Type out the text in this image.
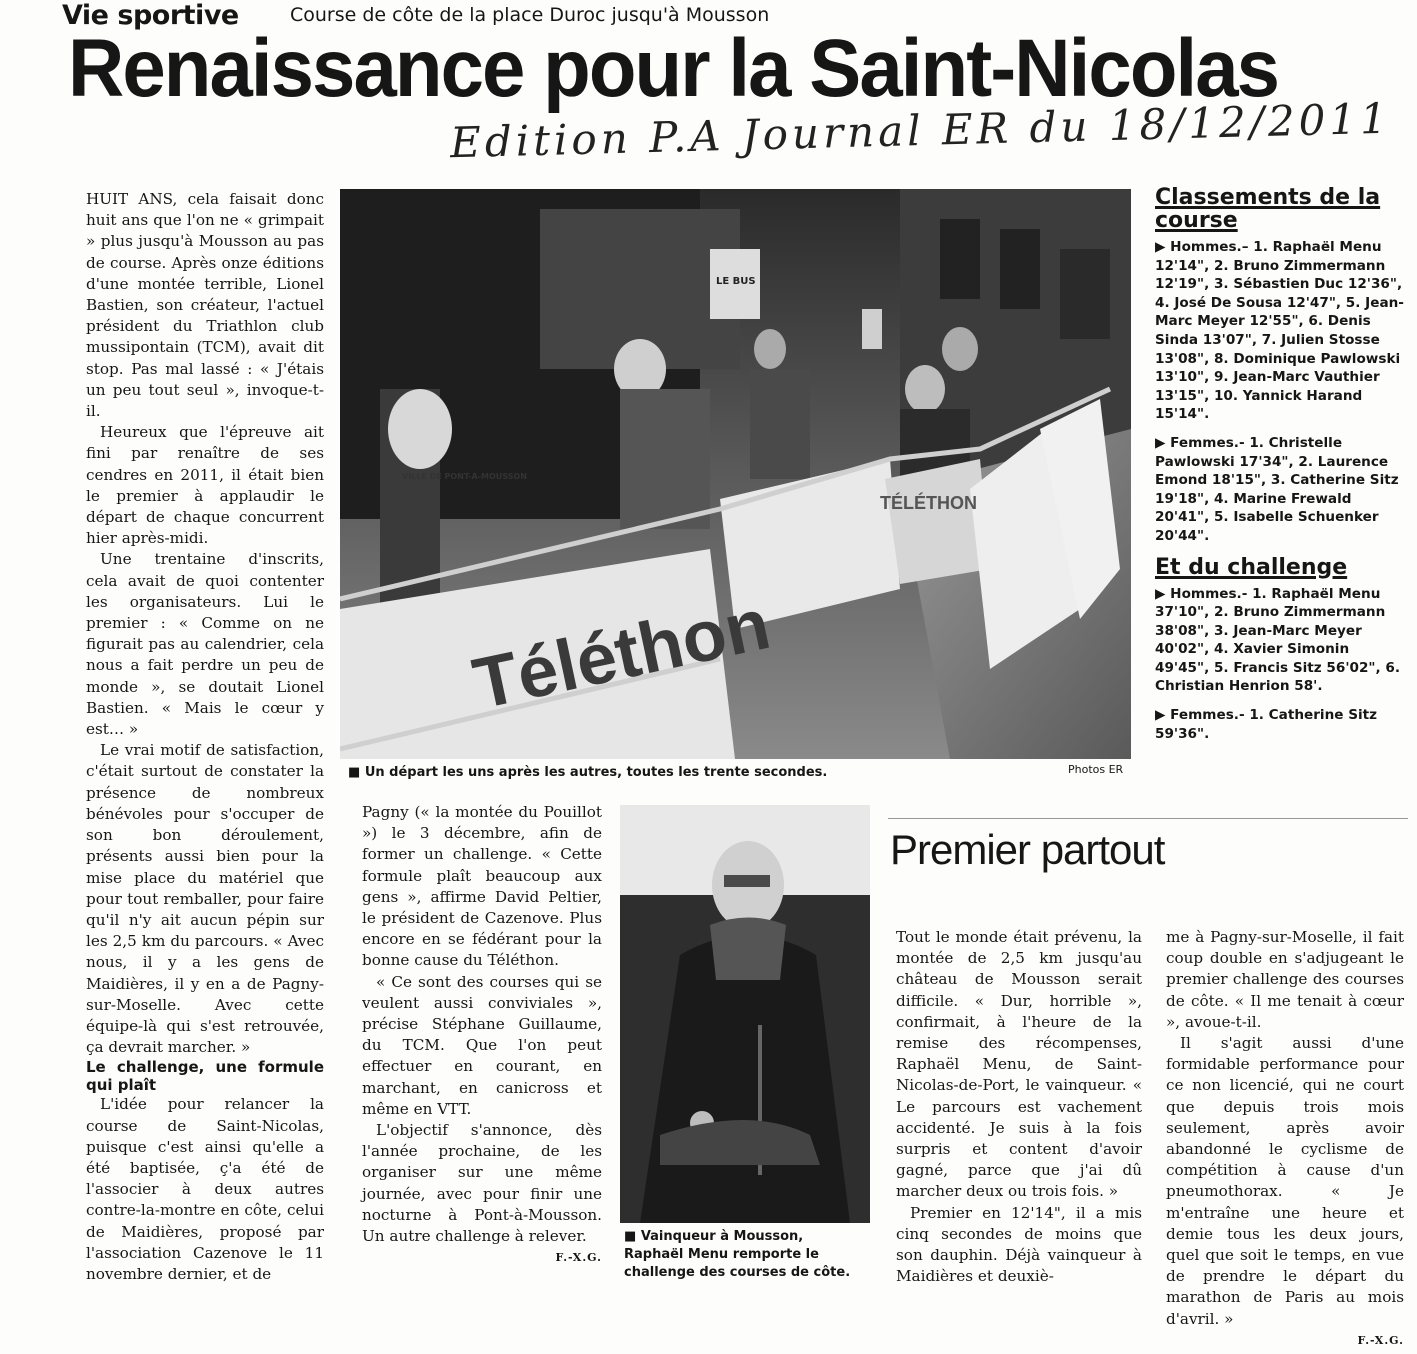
Vie sportive	Course de côte de la place Duroc jusqu'à Mousson
Renaissance pour la Saint-Nicolas
Edition P.A Journal ER du 18/12/2011

HUIT ANS, cela faisait donc huit ans que l'on ne « grimpait » plus jusqu'à Mousson au pas de course. Après onze éditions d'une montée terrible, Lionel Bastien, son créateur, l'actuel président du Triathlon club mussipontain (TCM), avait dit stop. Pas mal lassé : « J'étais un peu tout seul », invoque-t-il.

Heureux que l'épreuve ait fini par renaître de ses cendres en 2011, il était bien le premier à applaudir le départ de chaque concurrent hier après-midi.

Une trentaine d'inscrits, cela avait de quoi contenter les organisateurs. Lui le premier : « Comme on ne figurait pas au calendrier, cela nous a fait perdre un peu de monde », se doutait Lionel Bastien. « Mais le cœur y est… »

Le vrai motif de satisfaction, c'était surtout de constater la présence de nombreux bénévoles pour s'occuper de son bon déroulement, présents aussi bien pour la mise place du matériel que pour tout remballer, pour faire qu'il n'y ait aucun pépin sur les 2,5 km du parcours. « Avec nous, il y a les gens de Maidières, il y en a de Pagny-sur-Moselle. Avec cette équipe-là qui s'est retrouvée, ça devrait marcher. »

Le challenge, une formule qui plaît

L'idée pour relancer la course de Saint-Nicolas, puisque c'est ainsi qu'elle a été baptisée, ç'a été de l'associer à deux autres contre-la-montre en côte, celui de Maidières, proposé par l'association Cazenove le 11 novembre dernier, et de

Téléthon
VILLE DE PONT-À-MOUSSON
TÉLÉTHON
LE BUS
■ Un départ les uns après les autres, toutes les trente secondes.	Photos ER
Classements de la course

▶ Hommes.– 1. Raphaël Menu 12'14", 2. Bruno Zimmermann 12'19", 3. Sébastien Duc 12'36", 4. José De Sousa 12'47", 5. Jean-Marc Meyer 12'55", 6. Denis Sinda 13'07", 7. Julien Stosse 13'08", 8. Dominique Pawlowski 13'10", 9. Jean-Marc Vauthier 13'15", 10. Yannick Harand 15'14".

▶ Femmes.- 1. Christelle Pawlowski 17'34", 2. Laurence Emond 18'15", 3. Catherine Sitz 19'18", 4. Marine Frewald 20'41", 5. Isabelle Schuenker 20'44".

Et du challenge

▶ Hommes.- 1. Raphaël Menu 37'10", 2. Bruno Zimmermann 38'08", 3. Jean-Marc Meyer 40'02", 4. Xavier Simonin 49'45", 5. Francis Sitz 56'02", 6. Christian Henrion 58'.

▶ Femmes.- 1. Catherine Sitz 59'36".

Pagny (« la montée du Pouillot ») le 3 décembre, afin de former un challenge. « Cette formule plaît beaucoup aux gens », affirme David Peltier, le président de Cazenove. Plus encore en se fédérant pour la bonne cause du Téléthon.

« Ce sont des courses qui se veulent aussi conviviales », précise Stéphane Guillaume, du TCM. Que l'on peut effectuer en courant, en marchant, en canicross et même en VTT.

L'objectif s'annonce, dès l'année prochaine, de les organiser sur une même journée, avec pour finir une nocturne à Pont-à-Mousson. Un autre challenge à relever.

F.-X.G.

■ Vainqueur à Mousson, Raphaël Menu remporte le challenge des courses de côte.
Premier partout

Tout le monde était prévenu, la montée de 2,5 km jusqu'au château de Mousson serait difficile. « Dur, horrible », confirmait, à l'heure de la remise des récompenses, Raphaël Menu, de Saint-Nicolas-de-Port, le vainqueur. « Le parcours est vachement accidenté. Je suis à la fois surpris et content d'avoir gagné, parce que j'ai dû marcher deux ou trois fois. »

Premier en 12'14", il a mis cinq secondes de moins que son dauphin. Déjà vainqueur à Maidières et deuxiè-

me à Pagny-sur-Moselle, il fait coup double en s'adjugeant le premier challenge des courses de côte. « Il me tenait à cœur », avoue-t-il.

Il s'agit aussi d'une formidable performance pour ce non licencié, qui ne court que depuis trois mois seulement, après avoir abandonné le cyclisme de compétition à cause d'un pneumothorax. « Je m'entraîne une heure et demie tous les deux jours, quel que soit le temps, en vue de prendre le départ du marathon de Paris au mois d'avril. »

F.-X.G.
